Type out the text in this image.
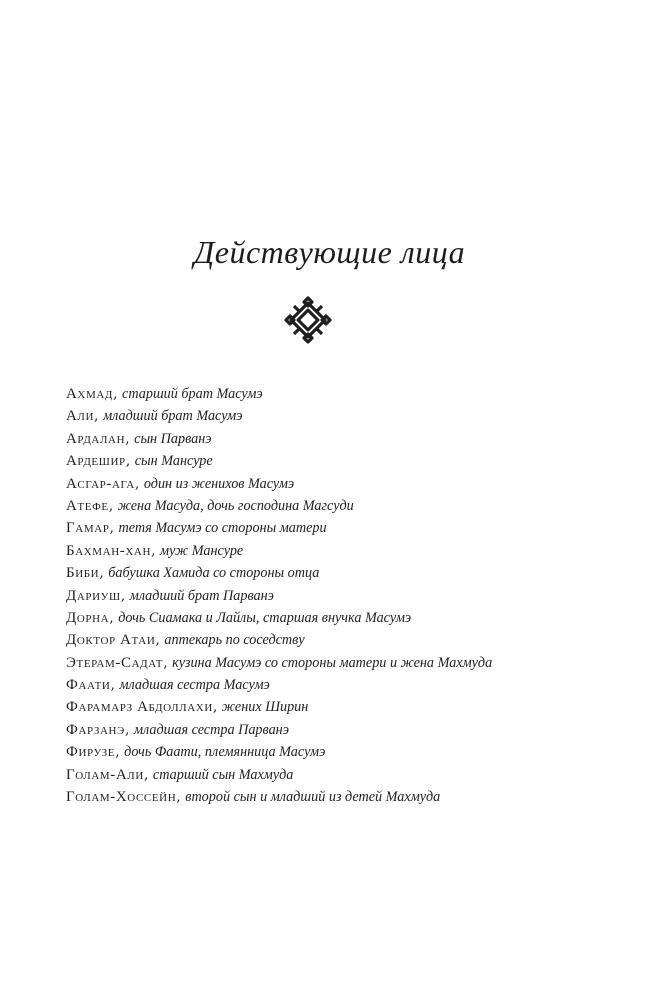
Действующие лица
Ахмад, старший брат Масумэ
Али, младший брат Масумэ
Ардалан, сын Парванэ
Ардешир, сын Мансуре
Асгар-ага, один из женихов Масумэ
Атефе, жена Масуда, дочь господина Магсуди
Гамар, тетя Масумэ со стороны матери
Бахман-хан, муж Мансуре
Биби, бабушка Хамида со стороны отца
Дариуш, младший брат Парванэ
Дорна, дочь Сиамака и Лайлы, старшая внучка Масумэ
Доктор Атаи, аптекарь по соседству
Этерам-Садат, кузина Масумэ со стороны матери и жена Махмуда
Фаати, младшая сестра Масумэ
Фарамарз Абдоллахи, жених Ширин
Фарзанэ, младшая сестра Парванэ
Фирузе, дочь Фаати, племянница Масумэ
Голам-Али, старший сын Махмуда
Голам-Хоссейн, второй сын и младший из детей Махмуда
